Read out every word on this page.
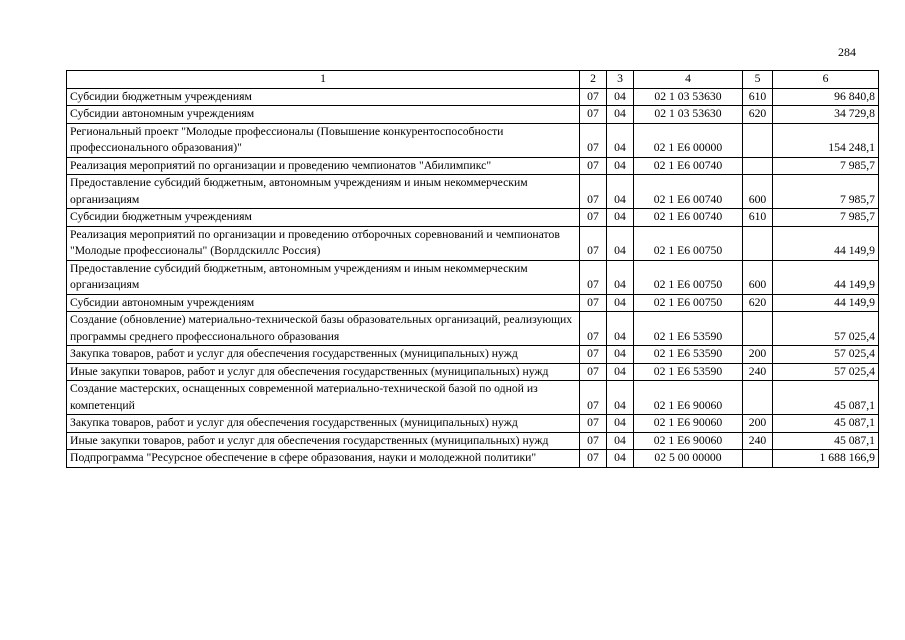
284
1	2	3	4	5	6
Субсидии бюджетным учреждениям	07	04	02 1 03 53630	610	96 840,8
Субсидии автономным учреждениям	07	04	02 1 03 53630	620	34 729,8
Региональный проект "Молодые профессионалы (Повышение конкурентоспособности профессионального образования)"	07	04	02 1 Е6 00000		154 248,1
Реализация мероприятий по организации и проведению чемпионатов "Абилимпикс"	07	04	02 1 Е6 00740		7 985,7
Предоставление субсидий бюджетным, автономным учреждениям и иным некоммерческим организациям	07	04	02 1 Е6 00740	600	7 985,7
Субсидии бюджетным учреждениям	07	04	02 1 Е6 00740	610	7 985,7
Реализация мероприятий по организации и проведению отборочных соревнований и чемпионатов "Молодые профессионалы" (Ворлдскиллс Россия)	07	04	02 1 Е6 00750		44 149,9
Предоставление субсидий бюджетным, автономным учреждениям и иным некоммерческим организациям	07	04	02 1 Е6 00750	600	44 149,9
Субсидии автономным учреждениям	07	04	02 1 Е6 00750	620	44 149,9
Создание (обновление) материально-технической базы образовательных организаций, реализующих программы среднего профессионального образования	07	04	02 1 Е6 53590		57 025,4
Закупка товаров, работ и услуг для обеспечения государственных (муниципальных) нужд	07	04	02 1 Е6 53590	200	57 025,4
Иные закупки товаров, работ и услуг для обеспечения государственных (муниципальных) нужд	07	04	02 1 Е6 53590	240	57 025,4
Создание мастерских, оснащенных современной материально-технической базой по одной из компетенций	07	04	02 1 Е6 90060		45 087,1
Закупка товаров, работ и услуг для обеспечения государственных (муниципальных) нужд	07	04	02 1 Е6 90060	200	45 087,1
Иные закупки товаров, работ и услуг для обеспечения государственных (муниципальных) нужд	07	04	02 1 Е6 90060	240	45 087,1
Подпрограмма "Ресурсное обеспечение в сфере образования, науки и молодежной политики"	07	04	02 5 00 00000		1 688 166,9
